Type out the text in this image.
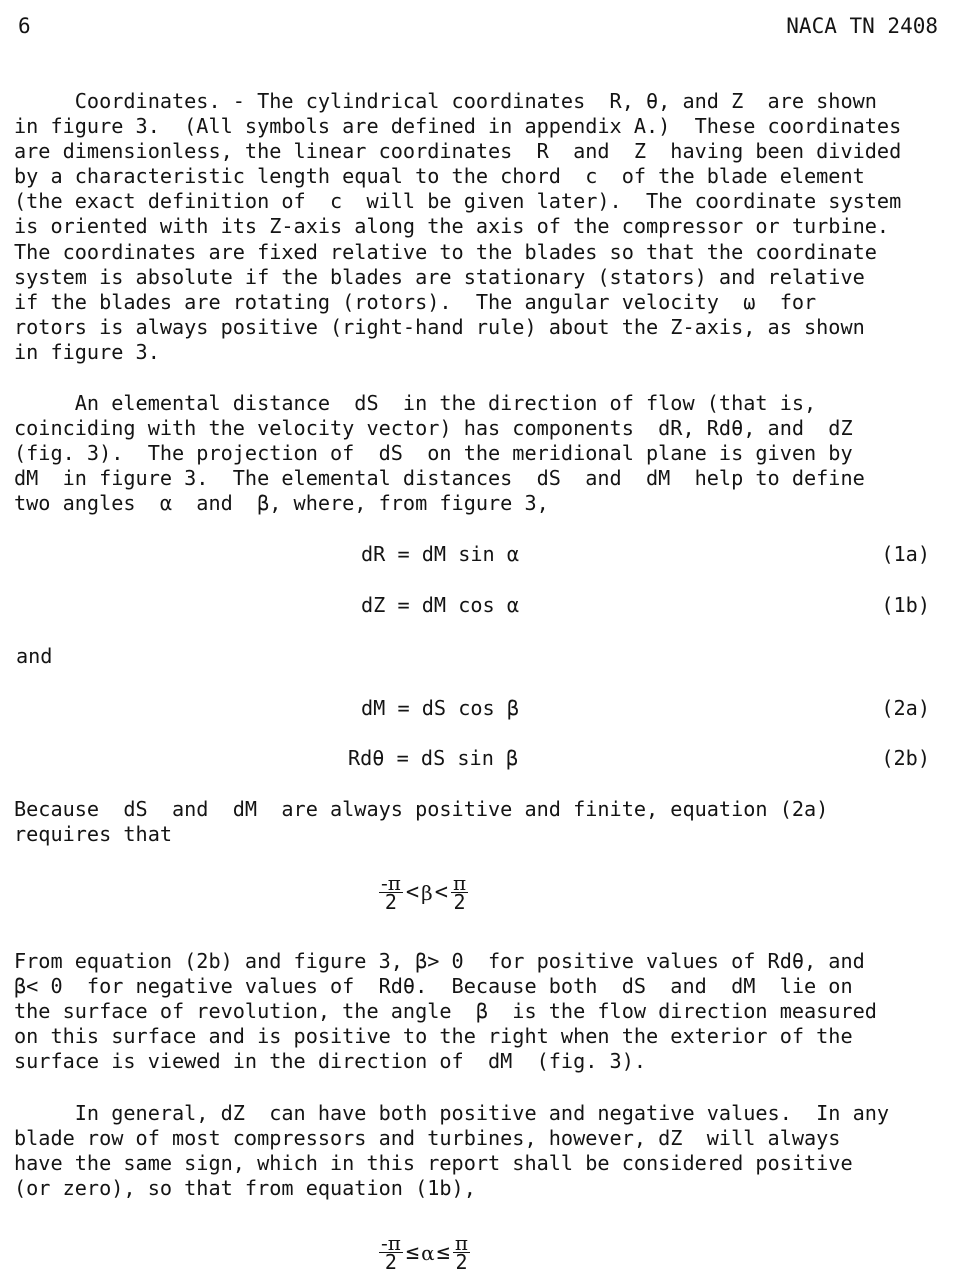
6	NACA TN 2408

Coordinates. - The cylindrical coordinates  R, θ, and Z  are shown
in figure 3.  (All symbols are defined in appendix A.)  These coordinates
are dimensionless, the linear coordinates  R  and  Z  having been divided
by a characteristic length equal to the chord  c  of the blade element
(the exact definition of  c  will be given later).  The coordinate system
is oriented with its Z-axis along the axis of the compressor or turbine.
The coordinates are fixed relative to the blades so that the coordinate
system is absolute if the blades are stationary (stators) and relative
if the blades are rotating (rotors).  The angular velocity  ω  for
rotors is always positive (right-hand rule) about the Z-axis, as shown
in figure 3.

An elemental distance  dS  in the direction of flow (that is,
coinciding with the velocity vector) has components  dR, Rdθ, and  dZ
(fig. 3).  The projection of  dS  on the meridional plane is given by
dM  in figure 3.  The elemental distances  dS  and  dM  help to define
two angles  α  and  β, where, from figure 3,

dR = dM sin α	(1a)
dZ = dM cos α	(1b)
and
dM = dS cos β	(2a)
Rdθ = dS sin β	(2b)

Because  dS  and  dM  are always positive and finite, equation (2a)
requires that

$\frac{-\pi}{2} < \beta < \frac{\pi}{2}$

From equation (2b) and figure 3, β> 0  for positive values of Rdθ, and
β< 0  for negative values of  Rdθ.  Because both  dS  and  dM  lie on
the surface of revolution, the angle  β  is the flow direction measured
on this surface and is positive to the right when the exterior of the
surface is viewed in the direction of  dM  (fig. 3).

In general, dZ  can have both positive and negative values.  In any
blade row of most compressors and turbines, however, dZ  will always
have the same sign, which in this report shall be considered positive
(or zero), so that from equation (1b),

$\frac{-\pi}{2} \le \alpha \le \frac{\pi}{2}$
